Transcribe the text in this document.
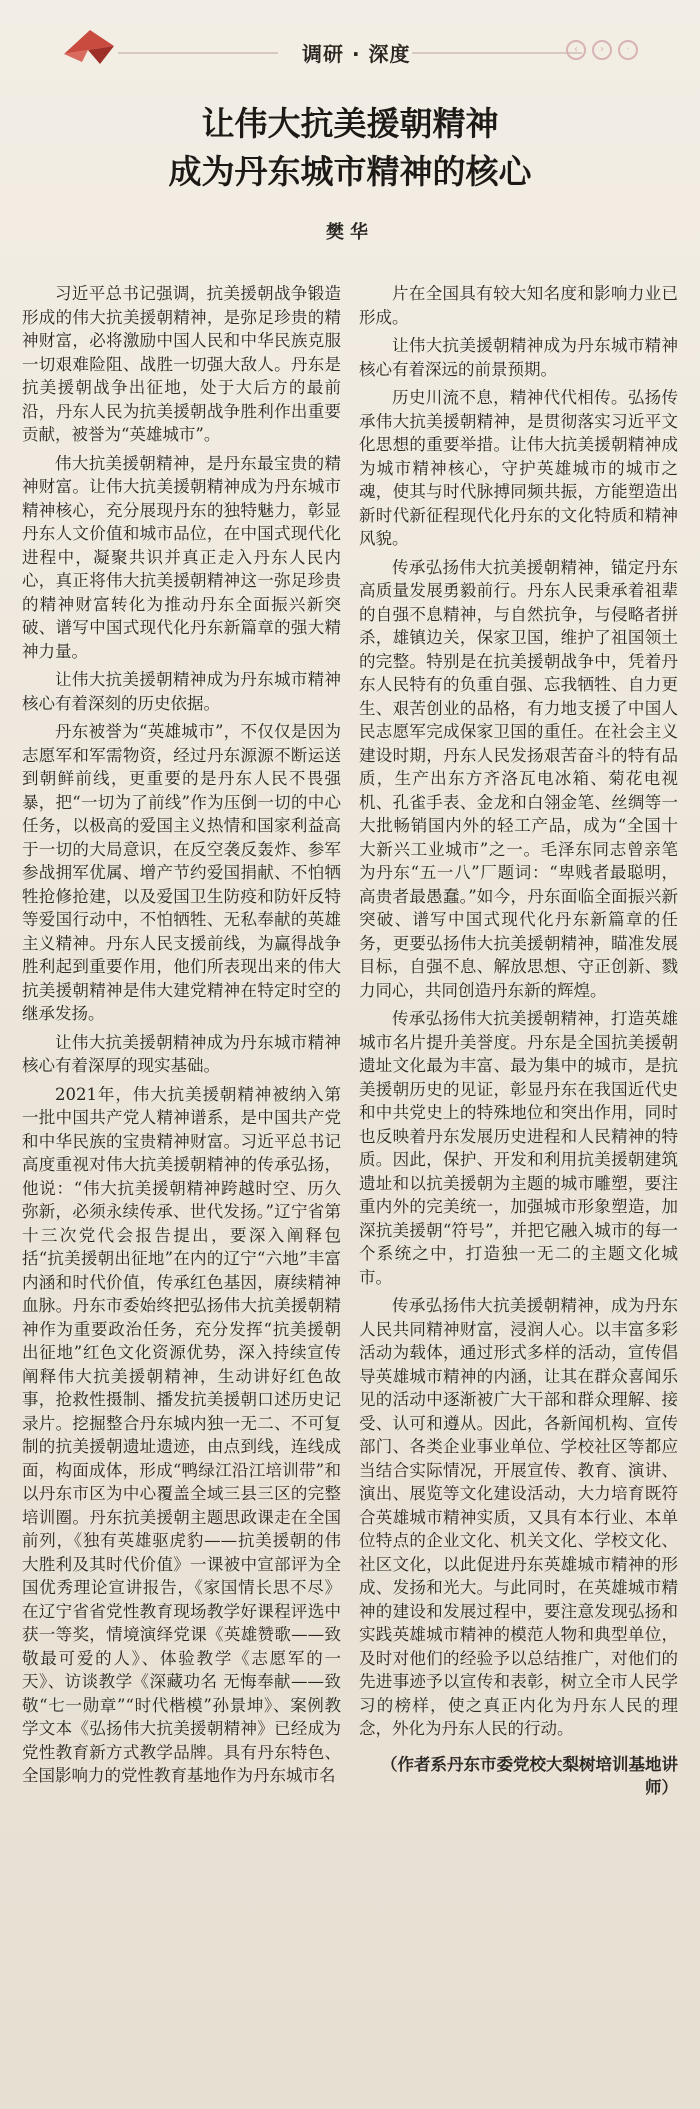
调研 · 深度	‹	›	·
让伟大抗美援朝精神
成为丹东城市精神的核心
樊华

习近平总书记强调，抗美援朝战争锻造形成的伟大抗美援朝精神，是弥足珍贵的精神财富，必将激励中国人民和中华民族克服一切艰难险阻、战胜一切强大敌人。丹东是抗美援朝战争出征地，处于大后方的最前沿，丹东人民为抗美援朝战争胜利作出重要贡献，被誉为“英雄城市”。

伟大抗美援朝精神，是丹东最宝贵的精神财富。让伟大抗美援朝精神成为丹东城市精神核心，充分展现丹东的独特魅力，彰显丹东人文价值和城市品位，在中国式现代化进程中，凝聚共识并真正走入丹东人民内心，真正将伟大抗美援朝精神这一弥足珍贵的精神财富转化为推动丹东全面振兴新突破、谱写中国式现代化丹东新篇章的强大精神力量。

让伟大抗美援朝精神成为丹东城市精神核心有着深刻的历史依据。

丹东被誉为“英雄城市”，不仅仅是因为志愿军和军需物资，经过丹东源源不断运送到朝鲜前线，更重要的是丹东人民不畏强暴，把“一切为了前线”作为压倒一切的中心任务，以极高的爱国主义热情和国家利益高于一切的大局意识，在反空袭反轰炸、参军参战拥军优属、增产节约爱国捐献、不怕牺牲抢修抢建，以及爱国卫生防疫和防奸反特等爱国行动中，不怕牺牲、无私奉献的英雄主义精神。丹东人民支援前线，为赢得战争胜利起到重要作用，他们所表现出来的伟大抗美援朝精神是伟大建党精神在特定时空的继承发扬。

让伟大抗美援朝精神成为丹东城市精神核心有着深厚的现实基础。

2021年，伟大抗美援朝精神被纳入第一批中国共产党人精神谱系，是中国共产党和中华民族的宝贵精神财富。习近平总书记高度重视对伟大抗美援朝精神的传承弘扬，他说：“伟大抗美援朝精神跨越时空、历久弥新，必须永续传承、世代发扬。”辽宁省第十三次党代会报告提出，要深入阐释包括“抗美援朝出征地”在内的辽宁“六地”丰富内涵和时代价值，传承红色基因，赓续精神血脉。丹东市委始终把弘扬伟大抗美援朝精神作为重要政治任务，充分发挥“抗美援朝出征地”红色文化资源优势，深入持续宣传阐释伟大抗美援朝精神，生动讲好红色故事，抢救性摄制、播发抗美援朝口述历史记录片。挖掘整合丹东城内独一无二、不可复制的抗美援朝遗址遗迹，由点到线，连线成面，构面成体，形成“鸭绿江沿江培训带”和以丹东市区为中心覆盖全域三县三区的完整培训圈。丹东抗美援朝主题思政课走在全国前列，《独有英雄驱虎豹——抗美援朝的伟大胜利及其时代价值》一课被中宣部评为全国优秀理论宣讲报告，《家国情长思不尽》在辽宁省省党性教育现场教学好课程评选中获一等奖，情境演绎党课《英雄赞歌——致敬最可爱的人》、体验教学《志愿军的一天》、访谈教学《深藏功名 无悔奉献——致敬“七一勋章”“时代楷模”孙景坤》、案例教学文本《弘扬伟大抗美援朝精神》已经成为党性教育新方式教学品牌。具有丹东特色、全国影响力的党性教育基地作为丹东城市名

片在全国具有较大知名度和影响力业已形成。

让伟大抗美援朝精神成为丹东城市精神核心有着深远的前景预期。

历史川流不息，精神代代相传。弘扬传承伟大抗美援朝精神，是贯彻落实习近平文化思想的重要举措。让伟大抗美援朝精神成为城市精神核心，守护英雄城市的城市之魂，使其与时代脉搏同频共振，方能塑造出新时代新征程现代化丹东的文化特质和精神风貌。

传承弘扬伟大抗美援朝精神，锚定丹东高质量发展勇毅前行。丹东人民秉承着祖辈的自强不息精神，与自然抗争，与侵略者拼杀，雄镇边关，保家卫国，维护了祖国领土的完整。特别是在抗美援朝战争中，凭着丹东人民特有的负重自强、忘我牺牲、自力更生、艰苦创业的品格，有力地支援了中国人民志愿军完成保家卫国的重任。在社会主义建设时期，丹东人民发扬艰苦奋斗的特有品质，生产出东方齐洛瓦电冰箱、菊花电视机、孔雀手表、金龙和白翎金笔、丝绸等一大批畅销国内外的轻工产品，成为“全国十大新兴工业城市”之一。毛泽东同志曾亲笔为丹东“五一八”厂题词：“卑贱者最聪明，高贵者最愚蠢。”如今，丹东面临全面振兴新突破、谱写中国式现代化丹东新篇章的任务，更要弘扬伟大抗美援朝精神，瞄准发展目标，自强不息、解放思想、守正创新、戮力同心，共同创造丹东新的辉煌。

传承弘扬伟大抗美援朝精神，打造英雄城市名片提升美誉度。丹东是全国抗美援朝遗址文化最为丰富、最为集中的城市，是抗美援朝历史的见证，彰显丹东在我国近代史和中共党史上的特殊地位和突出作用，同时也反映着丹东发展历史进程和人民精神的特质。因此，保护、开发和利用抗美援朝建筑遗址和以抗美援朝为主题的城市雕塑，要注重内外的完美统一，加强城市形象塑造，加深抗美援朝“符号”，并把它融入城市的每一个系统之中，打造独一无二的主题文化城市。

传承弘扬伟大抗美援朝精神，成为丹东人民共同精神财富，浸润人心。以丰富多彩活动为载体，通过形式多样的活动，宣传倡导英雄城市精神的内涵，让其在群众喜闻乐见的活动中逐渐被广大干部和群众理解、接受、认可和遵从。因此，各新闻机构、宣传部门、各类企业事业单位、学校社区等都应当结合实际情况，开展宣传、教育、演讲、演出、展览等文化建设活动，大力培育既符合英雄城市精神实质，又具有本行业、本单位特点的企业文化、机关文化、学校文化、社区文化，以此促进丹东英雄城市精神的形成、发扬和光大。与此同时，在英雄城市精神的建设和发展过程中，要注意发现弘扬和实践英雄城市精神的模范人物和典型单位，及时对他们的经验予以总结推广，对他们的先进事迹予以宣传和表彰，树立全市人民学习的榜样，使之真正内化为丹东人民的理念，外化为丹东人民的行动。

（作者系丹东市委党校大梨树培训基地讲师）
